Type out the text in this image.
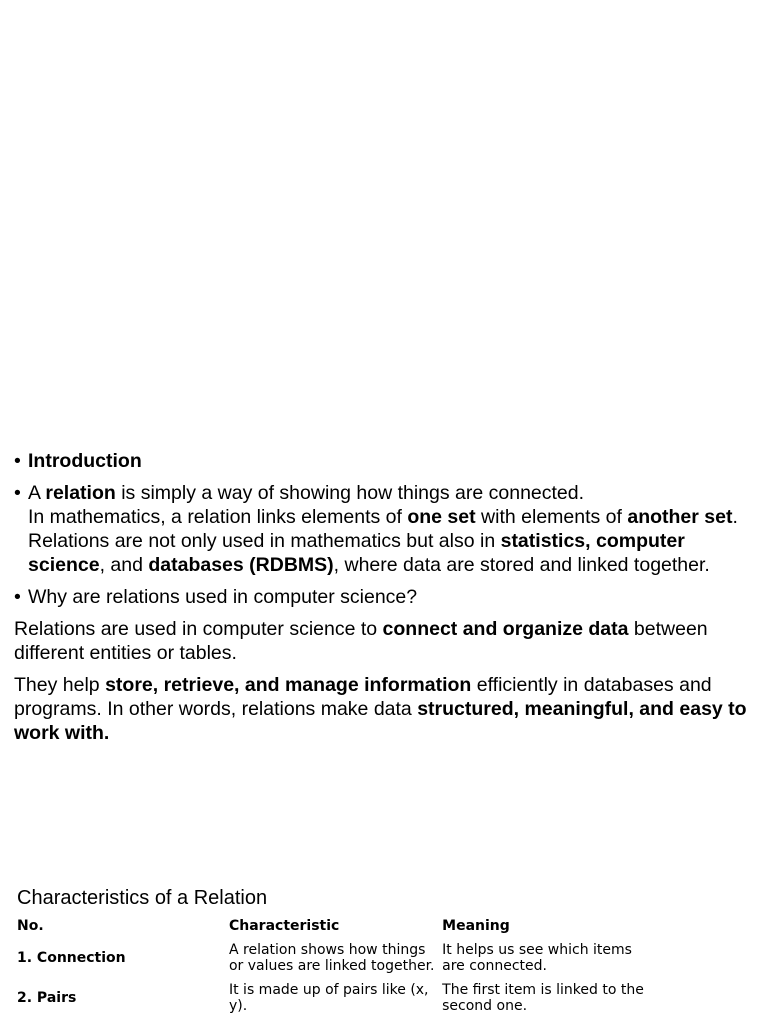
• Introduction
• A relation is simply a way of showing how things are connected.
In mathematics, a relation links elements of one set with elements of another set.
Relations are not only used in mathematics but also in statistics, computer science, and databases (RDBMS), where data are stored and linked together.
• Why are relations used in computer science?

Relations are used in computer science to connect and organize data between different entities or tables.

They help store, retrieve, and manage information efficiently in databases and programs. In other words, relations make data structured, meaningful, and easy to work with.

Characteristics of a Relation
No.	Characteristic	Meaning
1. Connection	A relation shows how things or values are linked together.	It helps us see which items are connected.
2. Pairs	It is made up of pairs like (x, y).	The first item is linked to the second one.
